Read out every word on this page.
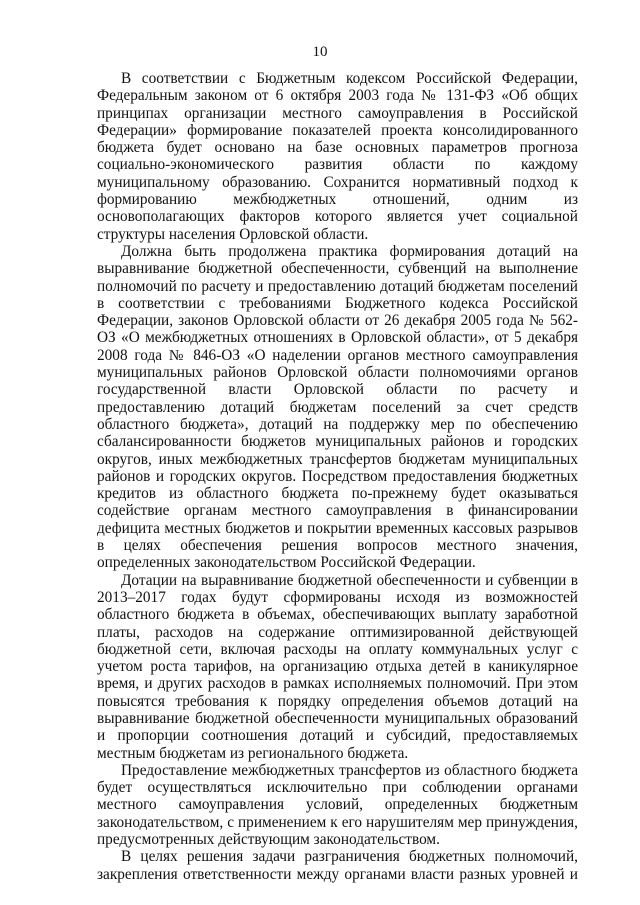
10

В соответствии с Бюджетным кодексом Российской Федерации, Федеральным законом от 6 октября 2003 года № 131-ФЗ «Об общих принципах организации местного самоуправления в Российской Федерации» формирование показателей проекта консолидированного бюджета будет основано на базе основных параметров прогноза социально-экономического развития области по каждому муниципальному образованию. Сохранится нормативный подход к формированию межбюджетных отношений, одним из основополагающих факторов которого является учет социальной структуры населения Орловской области.

Должна быть продолжена практика формирования дотаций на выравнивание бюджетной обеспеченности, субвенций на выполнение полномочий по расчету и предоставлению дотаций бюджетам поселений в соответствии с требованиями Бюджетного кодекса Российской Федерации, законов Орловской области от 26 декабря 2005 года № 562-ОЗ «О межбюджетных отношениях в Орловской области», от 5 декабря 2008 года № 846-ОЗ «О наделении органов местного самоуправления муниципальных районов Орловской области полномочиями органов государственной власти Орловской области по расчету и предоставлению дотаций бюджетам поселений за счет средств областного бюджета», дотаций на поддержку мер по обеспечению сбалансированности бюджетов муниципальных районов и городских округов, иных межбюджетных трансфертов бюджетам муниципальных районов и городских округов. Посредством предоставления бюджетных кредитов из областного бюджета по-прежнему будет оказываться содействие органам местного самоуправления в финансировании дефицита местных бюджетов и покрытии временных кассовых разрывов в целях обеспечения решения вопросов местного значения, определенных законодательством Российской Федерации.

Дотации на выравнивание бюджетной обеспеченности и субвенции в 2013–2017 годах будут сформированы исходя из возможностей областного бюджета в объемах, обеспечивающих выплату заработной платы, расходов на содержание оптимизированной действующей бюджетной сети, включая расходы на оплату коммунальных услуг с учетом роста тарифов, на организацию отдыха детей в каникулярное время, и других расходов в рамках исполняемых полномочий. При этом повысятся требования к порядку определения объемов дотаций на выравнивание бюджетной обеспеченности муниципальных образований и пропорции соотношения дотаций и субсидий, предоставляемых местным бюджетам из регионального бюджета.

Предоставление межбюджетных трансфертов из областного бюджета будет осуществляться исключительно при соблюдении органами местного самоуправления условий, определенных бюджетным законодательством, с применением к его нарушителям мер принуждения, предусмотренных действующим законодательством.

В целях решения задачи разграничения бюджетных полномочий, закрепления ответственности между органами власти разных уровней и
